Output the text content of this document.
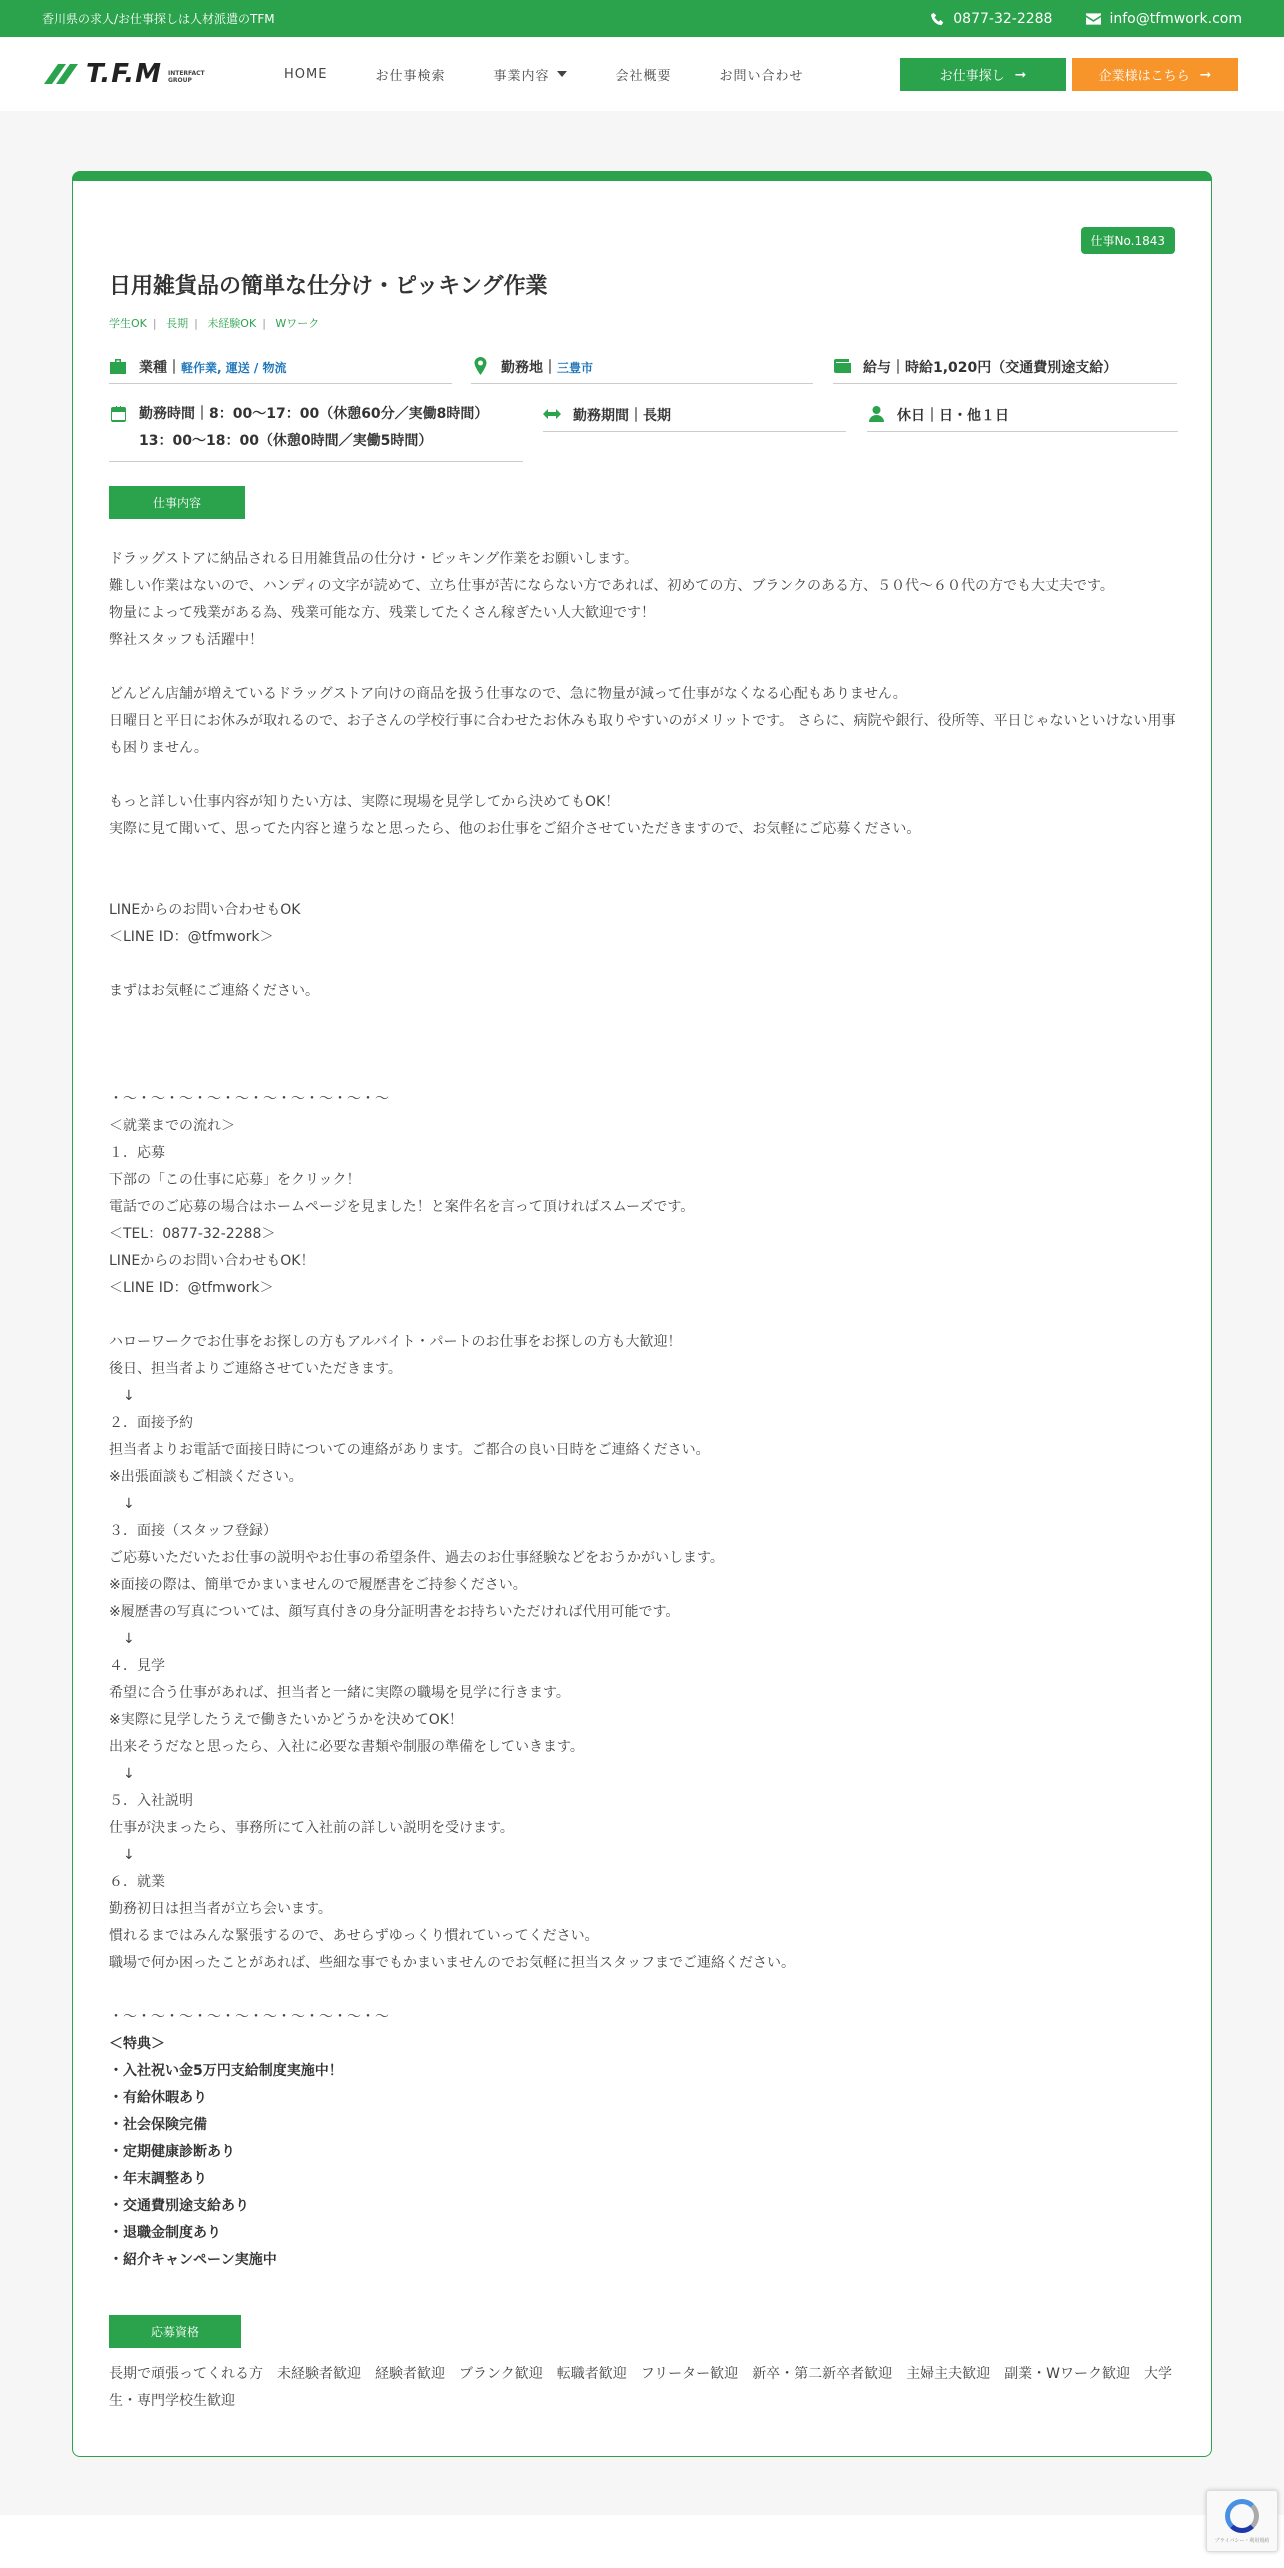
香川県の求人/お仕事探しは人材派遣のTFM	0877-32-2288	info@tfmwork.com
T.F.M INTERFACT
GROUP	HOME	お仕事検索	事業内容	会社概要	お問い合わせ	お仕事探し ➞	企業様はこちら ➞
仕事No.1843
日用雑貨品の簡単な仕分け・ピッキング作業
学生OK | 長期 | 未経験OK | Wワーク
業種｜軽作業, 運送 / 物流	勤務地｜三豊市	給与｜時給1,020円（交通費別途支給）
勤務時間｜8：00～17：00（休憩60分／実働8時間）
13：00～18：00（休憩0時間／実働5時間）
勤務期間｜長期	休日｜日・他１日
仕事内容
ドラッグストアに納品される日用雑貨品の仕分け・ピッキング作業をお願いします。
難しい作業はないので、ハンディの文字が読めて、立ち仕事が苦にならない方であれば、初めての方、ブランクのある方、５０代～６０代の方でも大丈夫です。
物量によって残業がある為、残業可能な方、残業してたくさん稼ぎたい人大歓迎です！
弊社スタッフも活躍中！

どんどん店舗が増えているドラッグストア向けの商品を扱う仕事なので、急に物量が減って仕事がなくなる心配もありません。
日曜日と平日にお休みが取れるので、お子さんの学校行事に合わせたお休みも取りやすいのがメリットです。 さらに、病院や銀行、役所等、平日じゃないといけない用事も困りません。

もっと詳しい仕事内容が知りたい方は、実際に現場を見学してから決めてもOK！
実際に見て聞いて、思ってた内容と違うなと思ったら、他のお仕事をご紹介させていただきますので、お気軽にご応募ください。

LINEからのお問い合わせもOK
＜LINE ID：@tfmwork＞

まずはお気軽にご連絡ください。

・～・～・～・～・～・～・～・～・～・～
＜就業までの流れ＞
１．応募
下部の「この仕事に応募」をクリック！
電話でのご応募の場合はホームページを見ました！と案件名を言って頂ければスムーズです。
＜TEL：0877-32-2288＞
LINEからのお問い合わせもOK！
＜LINE ID：@tfmwork＞

ハローワークでお仕事をお探しの方もアルバイト・パートのお仕事をお探しの方も大歓迎！
後日、担当者よりご連絡させていただきます。
　↓
２．面接予約
担当者よりお電話で面接日時についての連絡があります。ご都合の良い日時をご連絡ください。
※出張面談もご相談ください。
　↓
３．面接（スタッフ登録）
ご応募いただいたお仕事の説明やお仕事の希望条件、過去のお仕事経験などをおうかがいします。
※面接の際は、簡単でかまいませんので履歴書をご持参ください。
※履歴書の写真については、顔写真付きの身分証明書をお持ちいただければ代用可能です。
　↓
４．見学
希望に合う仕事があれば、担当者と一緒に実際の職場を見学に行きます。
※実際に見学したうえで働きたいかどうかを決めてOK！
出来そうだなと思ったら、入社に必要な書類や制服の準備をしていきます。
　↓
５．入社説明
仕事が決まったら、事務所にて入社前の詳しい説明を受けます。
　↓
６．就業
勤務初日は担当者が立ち会います。
慣れるまではみんな緊張するので、あせらずゆっくり慣れていってください。
職場で何か困ったことがあれば、些細な事でもかまいませんのでお気軽に担当スタッフまでご連絡ください。

・～・～・～・～・～・～・～・～・～・～
＜特典＞
・入社祝い金5万円支給制度実施中！
・有給休暇あり
・社会保険完備
・定期健康診断あり
・年末調整あり
・交通費別途支給あり
・退職金制度あり
・紹介キャンペーン実施中
応募資格
長期で頑張ってくれる方 未経験者歓迎 経験者歓迎 ブランク歓迎 転職者歓迎 フリーター歓迎 新卒・第二新卒者歓迎 主婦主夫歓迎 副業・Wワーク歓迎 大学生・専門学校生歓迎
プライバシー・利用規約
